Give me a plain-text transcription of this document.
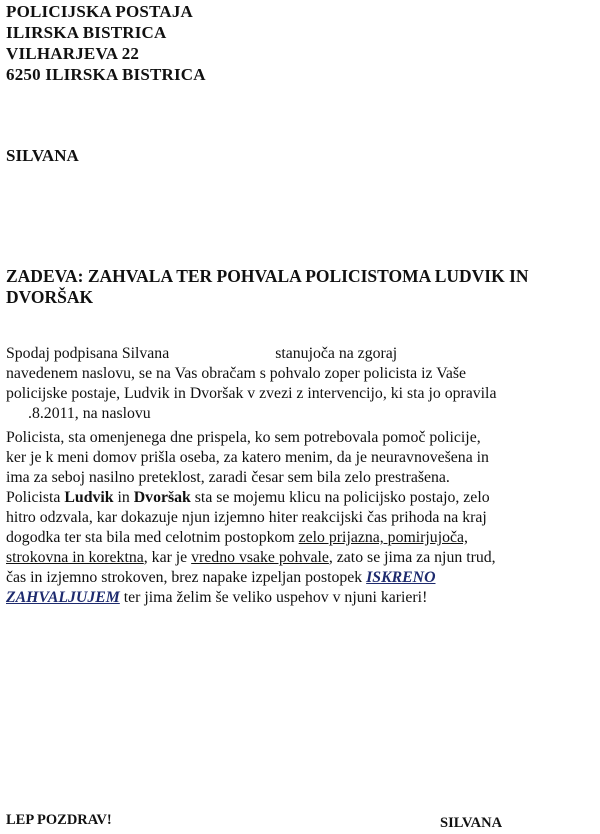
POLICIJSKA POSTAJA
ILIRSKA BISTRICA
VILHARJEVA 22
6250 ILIRSKA BISTRICA
SILVANA
ZADEVA: ZAHVALA TER POHVALA POLICISTOMA LUDVIK IN DVORŠAK
Spodaj podpisana Silvana	stanujoča na zgoraj
navedenem naslovu, se na Vas obračam s pohvalo zoper policista iz Vaše
policijske postaje, Ludvik in Dvoršak v zvezi z intervencijo, ki sta jo opravila
.8.2011, na naslovu
Policista, sta omenjenega dne prispela, ko sem potrebovala pomoč policije,
ker je k meni domov prišla oseba, za katero menim, da je neuravnovešena in
ima za seboj nasilno preteklost, zaradi česar sem bila zelo prestrašena.
Policista Ludvik in Dvoršak sta se mojemu klicu na policijsko postajo, zelo
hitro odzvala, kar dokazuje njun izjemno hiter reakcijski čas prihoda na kraj
dogodka ter sta bila med celotnim postopkom zelo prijazna, pomirjujoča,
strokovna in korektna, kar je vredno vsake pohvale, zato se jima za njun trud,
čas in izjemno strokoven, brez napake izpeljan postopek ISKRENO
ZAHVALJUJEM ter jima želim še veliko uspehov v njuni karieri!
LEP POZDRAV!	SILVANA
